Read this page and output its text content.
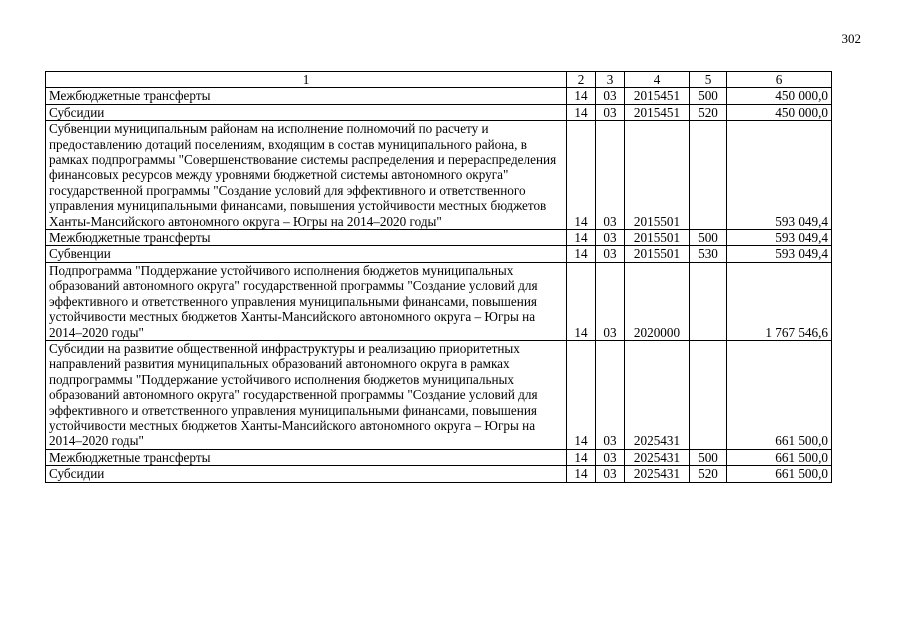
302
1	2	3	4	5	6
Межбюджетные трансферты	14	03	2015451	500	450 000,0
Субсидии	14	03	2015451	520	450 000,0
Субвенции муниципальным районам на исполнение полномочий по расчету и предоставлению дотаций поселениям, входящим в состав муниципального района, в рамках подпрограммы "Совершенствование системы распределения и перераспределения финансовых ресурсов между уровнями бюджетной системы автономного округа" государственной программы "Создание условий для эффективного и ответственного управления муниципальными финансами, повышения устойчивости местных бюджетов Ханты-Мансийского автономного округа – Югры на 2014–2020 годы"	14	03	2015501		593 049,4
Межбюджетные трансферты	14	03	2015501	500	593 049,4
Субвенции	14	03	2015501	530	593 049,4
Подпрограмма "Поддержание устойчивого исполнения бюджетов муниципальных образований автономного округа" государственной программы "Создание условий для эффективного и ответственного управления муниципальными финансами, повышения устойчивости местных бюджетов Ханты-Мансийского автономного округа – Югры на 2014–2020 годы"	14	03	2020000		1 767 546,6
Субсидии на развитие общественной инфраструктуры и реализацию приоритетных направлений развития муниципальных образований автономного округа в рамках подпрограммы "Поддержание устойчивого исполнения бюджетов муниципальных образований автономного округа" государственной программы "Создание условий для эффективного и ответственного управления муниципальными финансами, повышения устойчивости местных бюджетов Ханты-Мансийского автономного округа – Югры на 2014–2020 годы"	14	03	2025431		661 500,0
Межбюджетные трансферты	14	03	2025431	500	661 500,0
Субсидии	14	03	2025431	520	661 500,0
